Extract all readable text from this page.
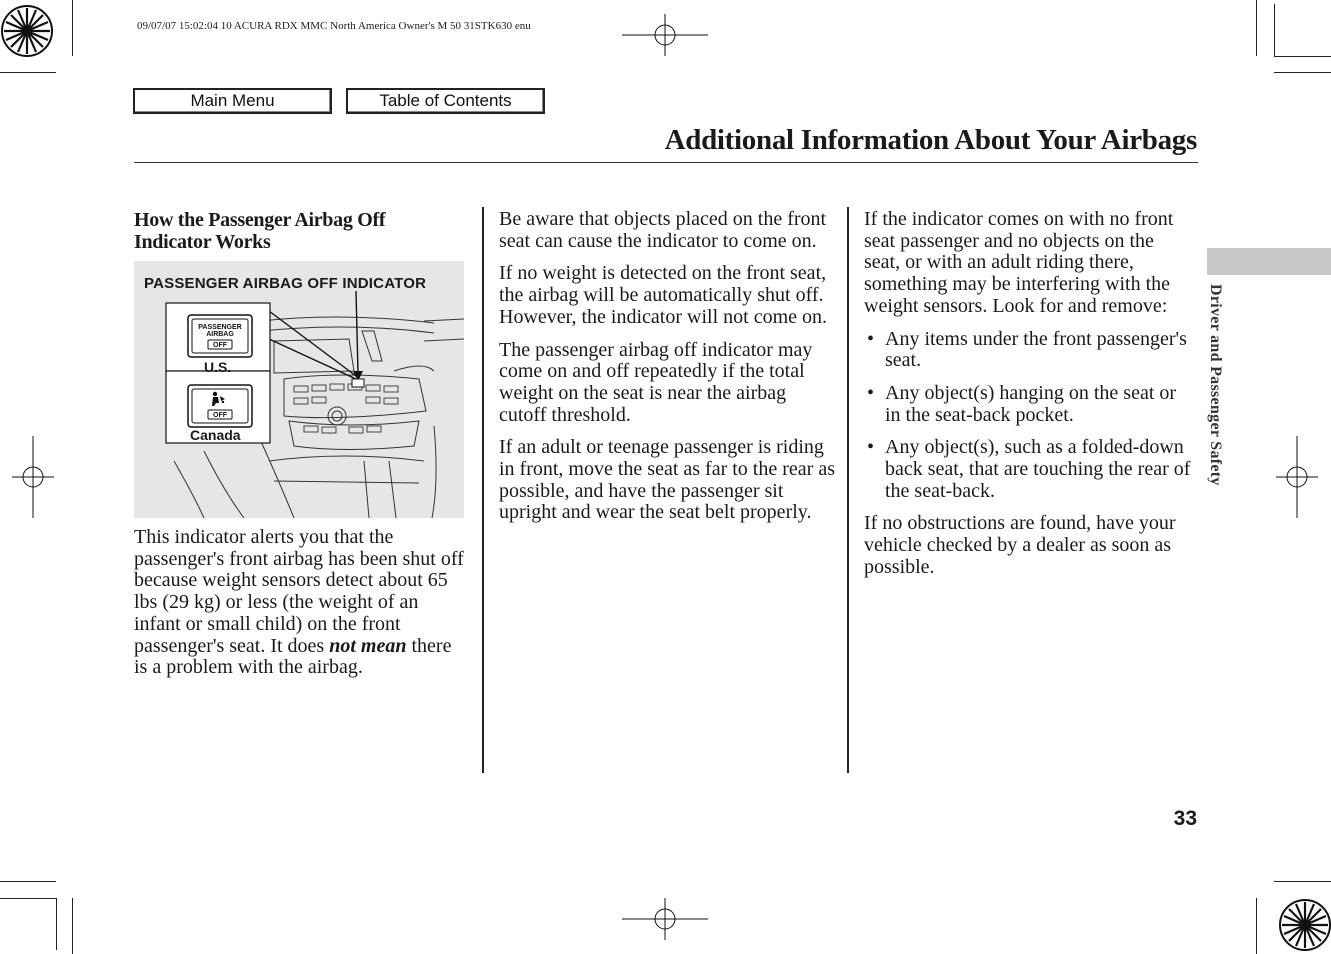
09/07/07 15:02:04 10 ACURA RDX MMC North America Owner's M 50 31STK630 enu
Main Menu	Table of Contents
Additional Information About Your Airbags
Driver and Passenger Safety
How the Passenger Airbag Off
Indicator Works
PASSENGER
AIRBAG
OFF
OFF
PASSENGER AIRBAG OFF INDICATOR
U.S.
Canada

This indicator alerts you that the passenger's front airbag has been shut off because weight sensors detect about 65 lbs (29 kg) or less (the weight of an infant or small child) on the front passenger's seat. It does not mean there is a problem with the airbag.

Be aware that objects placed on the front seat can cause the indicator to come on.

If no weight is detected on the front seat, the airbag will be automatically shut off. However, the indicator will not come on.

The passenger airbag off indicator may come on and off repeatedly if the total weight on the seat is near the airbag cutoff threshold.

If an adult or teenage passenger is riding in front, move the seat as far to the rear as possible, and have the passenger sit upright and wear the seat belt properly.

If the indicator comes on with no front seat passenger and no objects on the seat, or with an adult riding there, something may be interfering with the weight sensors. Look for and remove:

• Any items under the front passenger's seat.
• Any object(s) hanging on the seat or in the seat-back pocket.
• Any object(s), such as a folded-down back seat, that are touching the rear of the seat-back.

If no obstructions are found, have your vehicle checked by a dealer as soon as possible.

33
